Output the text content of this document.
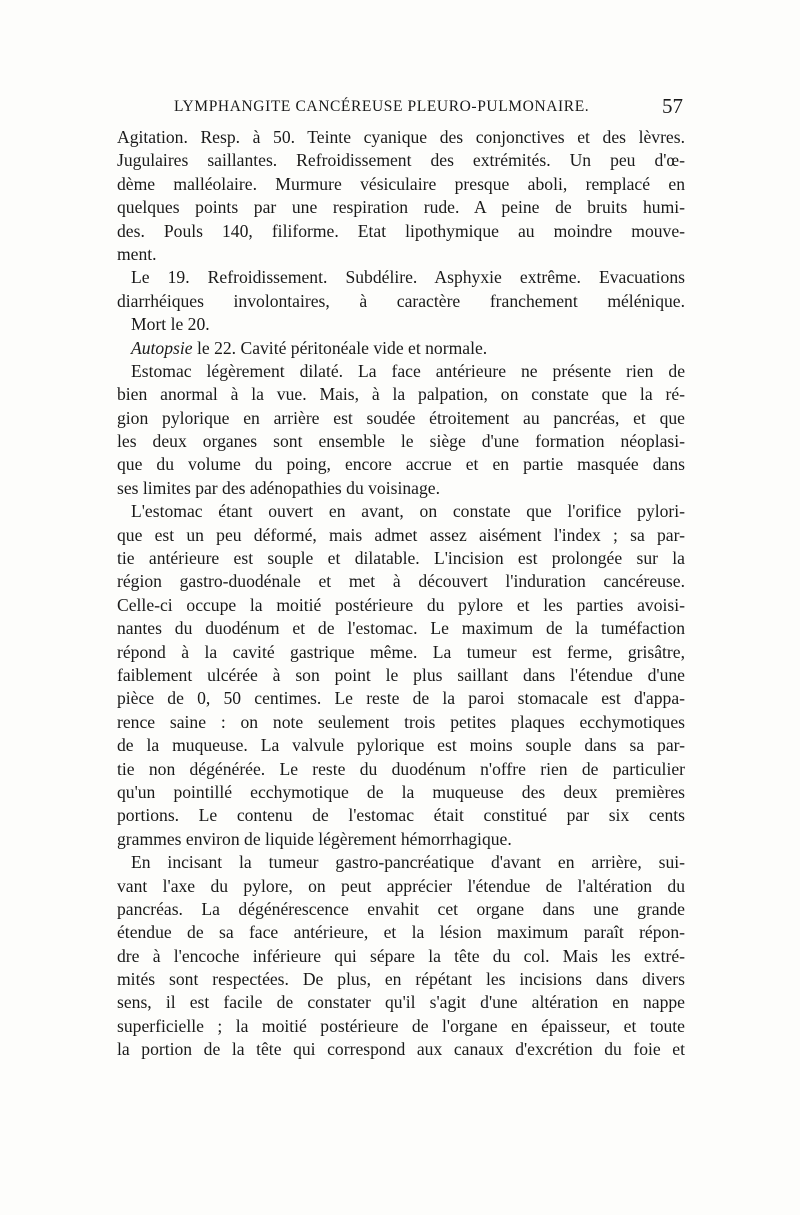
LYMPHANGITE CANCÉREUSE PLEURO-PULMONAIRE.	57
Agitation. Resp. à 50. Teinte cyanique des conjonctives et des lèvres.
Jugulaires saillantes. Refroidissement des extrémités. Un peu d'œ-
dème malléolaire. Murmure vésiculaire presque aboli, remplacé en
quelques points par une respiration rude. A peine de bruits humi-
des. Pouls 140, filiforme. Etat lipothymique au moindre mouve-
ment.
Le 19. Refroidissement. Subdélire. Asphyxie extrême. Evacuations
diarrhéiques involontaires, à caractère franchement mélénique.
Mort le 20.
Autopsie le 22. Cavité péritonéale vide et normale.
Estomac légèrement dilaté. La face antérieure ne présente rien de
bien anormal à la vue. Mais, à la palpation, on constate que la ré-
gion pylorique en arrière est soudée étroitement au pancréas, et que
les deux organes sont ensemble le siège d'une formation néoplasi-
que du volume du poing, encore accrue et en partie masquée dans
ses limites par des adénopathies du voisinage.
L'estomac étant ouvert en avant, on constate que l'orifice pylori-
que est un peu déformé, mais admet assez aisément l'index ; sa par-
tie antérieure est souple et dilatable. L'incision est prolongée sur la
région gastro-duodénale et met à découvert l'induration cancéreuse.
Celle-ci occupe la moitié postérieure du pylore et les parties avoisi-
nantes du duodénum et de l'estomac. Le maximum de la tuméfaction
répond à la cavité gastrique même. La tumeur est ferme, grisâtre,
faiblement ulcérée à son point le plus saillant dans l'étendue d'une
pièce de 0, 50 centimes. Le reste de la paroi stomacale est d'appa-
rence saine : on note seulement trois petites plaques ecchymotiques
de la muqueuse. La valvule pylorique est moins souple dans sa par-
tie non dégénérée. Le reste du duodénum n'offre rien de particulier
qu'un pointillé ecchymotique de la muqueuse des deux premières
portions. Le contenu de l'estomac était constitué par six cents
grammes environ de liquide légèrement hémorrhagique.
En incisant la tumeur gastro-pancréatique d'avant en arrière, sui-
vant l'axe du pylore, on peut apprécier l'étendue de l'altération du
pancréas. La dégénérescence envahit cet organe dans une grande
étendue de sa face antérieure, et la lésion maximum paraît répon-
dre à l'encoche inférieure qui sépare la tête du col. Mais les extré-
mités sont respectées. De plus, en répétant les incisions dans divers
sens, il est facile de constater qu'il s'agit d'une altération en nappe
superficielle ; la moitié postérieure de l'organe en épaisseur, et toute
la portion de la tête qui correspond aux canaux d'excrétion du foie et
